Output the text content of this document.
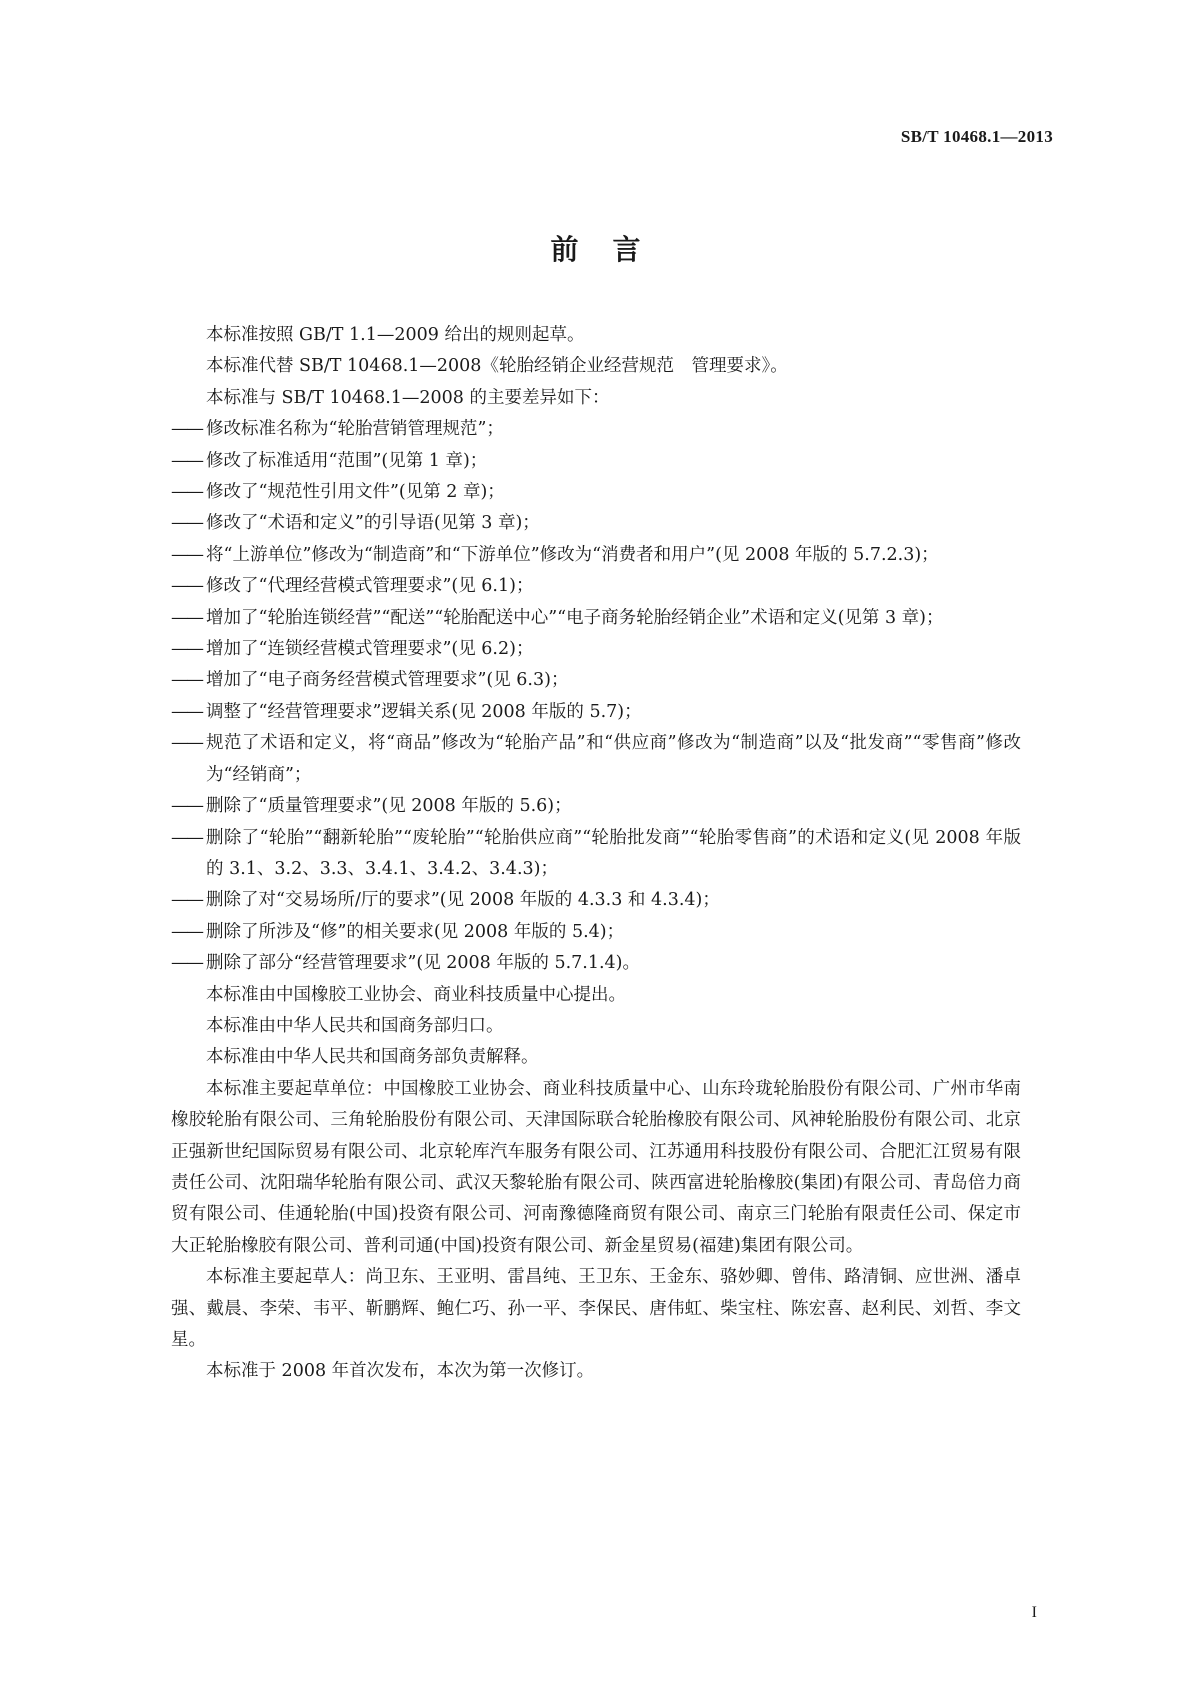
SB/T 10468.1—2013
前言

本标准按照 GB/T 1.1—2009 给出的规则起草。

本标准代替 SB/T 10468.1—2008《轮胎经销企业经营规范　管理要求》。

本标准与 SB/T 10468.1—2008 的主要差异如下：

—— 修改标准名称为“轮胎营销管理规范”；

—— 修改了标准适用“范围”(见第 1 章)；

—— 修改了“规范性引用文件”(见第 2 章)；

—— 修改了“术语和定义”的引导语(见第 3 章)；

—— 将“上游单位”修改为“制造商”和“下游单位”修改为“消费者和用户”(见 2008 年版的 5.7.2.3)；

—— 修改了“代理经营模式管理要求”(见 6.1)；

—— 增加了“轮胎连锁经营”“配送”“轮胎配送中心”“电子商务轮胎经销企业”术语和定义(见第 3 章)；

—— 增加了“连锁经营模式管理要求”(见 6.2)；

—— 增加了“电子商务经营模式管理要求”(见 6.3)；

—— 调整了“经营管理要求”逻辑关系(见 2008 年版的 5.7)；

—— 规范了术语和定义，将“商品”修改为“轮胎产品”和“供应商”修改为“制造商”以及“批发商”“零售商”修改为“经销商”；

—— 删除了“质量管理要求”(见 2008 年版的 5.6)；

—— 删除了“轮胎”“翻新轮胎”“废轮胎”“轮胎供应商”“轮胎批发商”“轮胎零售商”的术语和定义(见 2008 年版的 3.1、3.2、3.3、3.4.1、3.4.2、3.4.3)；

—— 删除了对“交易场所/厅的要求”(见 2008 年版的 4.3.3 和 4.3.4)；

—— 删除了所涉及“修”的相关要求(见 2008 年版的 5.4)；

—— 删除了部分“经营管理要求”(见 2008 年版的 5.7.1.4)。

本标准由中国橡胶工业协会、商业科技质量中心提出。

本标准由中华人民共和国商务部归口。

本标准由中华人民共和国商务部负责解释。

本标准主要起草单位：中国橡胶工业协会、商业科技质量中心、山东玲珑轮胎股份有限公司、广州市华南橡胶轮胎有限公司、三角轮胎股份有限公司、天津国际联合轮胎橡胶有限公司、风神轮胎股份有限公司、北京正强新世纪国际贸易有限公司、北京轮库汽车服务有限公司、江苏通用科技股份有限公司、合肥汇江贸易有限责任公司、沈阳瑞华轮胎有限公司、武汉天黎轮胎有限公司、陕西富进轮胎橡胶(集团)有限公司、青岛倍力商贸有限公司、佳通轮胎(中国)投资有限公司、河南豫德隆商贸有限公司、南京三门轮胎有限责任公司、保定市大正轮胎橡胶有限公司、普利司通(中国)投资有限公司、新金星贸易(福建)集团有限公司。

本标准主要起草人：尚卫东、王亚明、雷昌纯、王卫东、王金东、骆妙卿、曾伟、路清铜、应世洲、潘卓强、戴晨、李荣、韦平、靳鹏辉、鲍仁巧、孙一平、李保民、唐伟虹、柴宝柱、陈宏喜、赵利民、刘哲、李文星。

本标准于 2008 年首次发布，本次为第一次修订。

I
